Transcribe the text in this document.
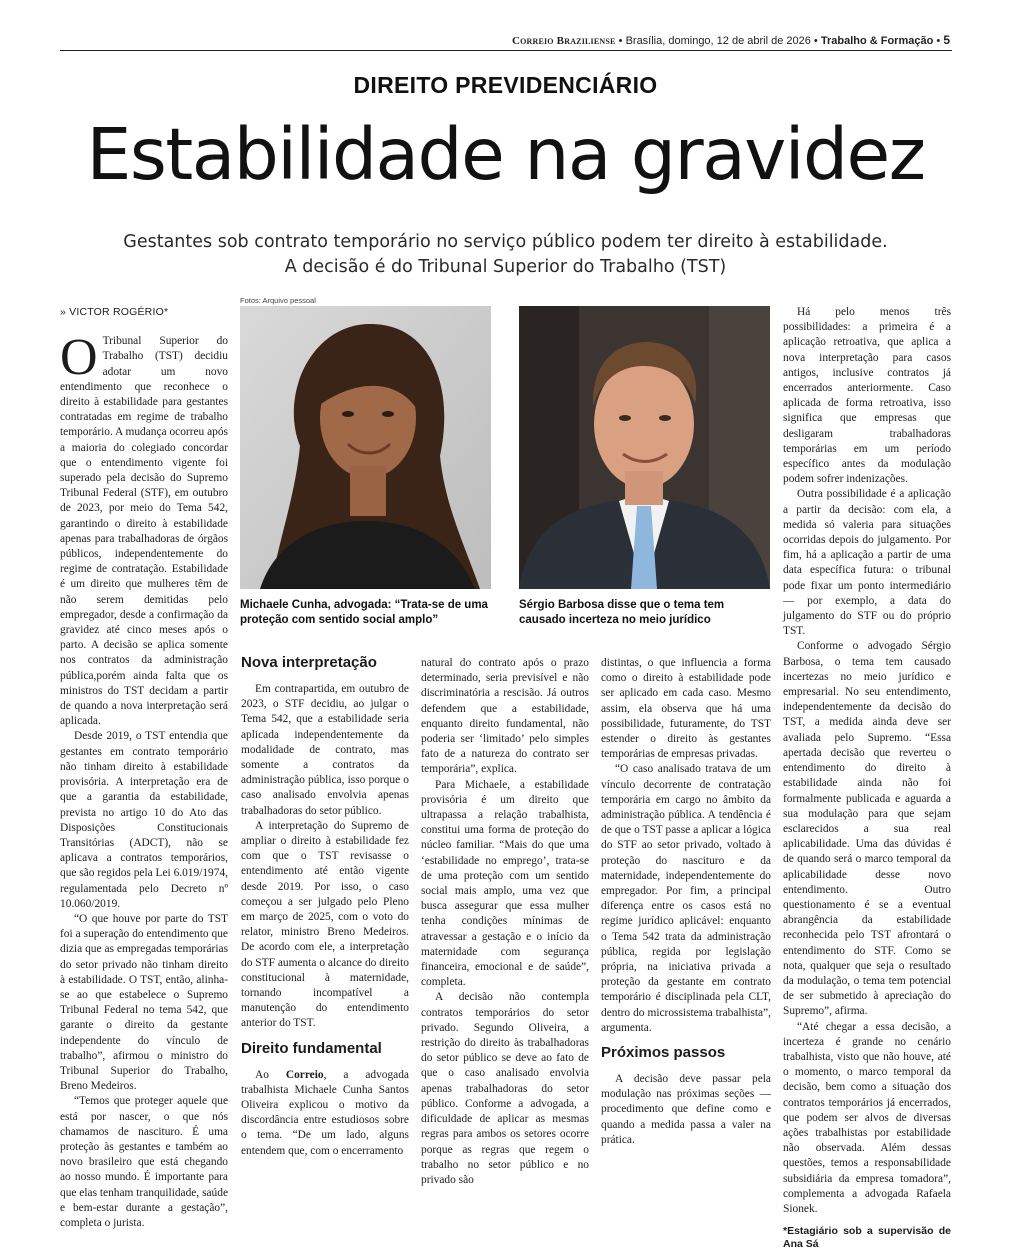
Correio Braziliense • Brasília, domingo, 12 de abril de 2026 • Trabalho & Formação • 5
DIREITO PREVIDENCIÁRIO
Estabilidade na gravidez
Gestantes sob contrato temporário no serviço público podem ter direito à estabilidade.
A decisão é do Tribunal Superior do Trabalho (TST)
» VICTOR ROGÉRIO*

O Tribunal Superior do Trabalho (TST) decidiu adotar um novo entendimento que reconhece o direito à estabilidade para gestantes contratadas em regime de trabalho temporário. A mudança ocorreu após a maioria do colegiado concordar que o entendimento vigente foi superado pela decisão do Supremo Tribunal Federal (STF), em outubro de 2023, por meio do Tema 542, garantindo o direito à estabilidade apenas para trabalhadoras de órgãos públicos, independentemente do regime de contratação. Estabilidade é um direito que mulheres têm de não serem demitidas pelo empregador, desde a confirmação da gravidez até cinco meses após o parto. A decisão se aplica somente nos contratos da administração pública,porém ainda falta que os ministros do TST decidam a partir de quando a nova interpretação será aplicada.

Desde 2019, o TST entendia que gestantes em contrato temporário não tinham direito à estabilidade provisória. A interpretação era de que a garantia da estabilidade, prevista no artigo 10 do Ato das Disposições Constitucionais Transitórias (ADCT), não se aplicava a contratos temporários, que são regidos pela Lei 6.019/1974, regulamentada pelo Decreto nº 10.060/2019.

“O que houve por parte do TST foi a superação do entendimento que dizia que as empregadas temporárias do setor privado não tinham direito à estabilidade. O TST, então, alinha-se ao que estabelece o Supremo Tribunal Federal no tema 542, que garante o direito da gestante independente do vínculo de trabalho”, afirmou o ministro do Tribunal Superior do Trabalho, Breno Medeiros.

“Temos que proteger aquele que está por nascer, o que nós chamamos de nascituro. É uma proteção às gestantes e também ao novo brasileiro que está chegando ao nosso mundo. É importante para que elas tenham tranquilidade, saúde e bem-estar durante a gestação”, completa o jurista.

Fotos: Arquivo pessoal
Michaele Cunha, advogada: “Trata-se de uma proteção com sentido social amplo”
Sérgio Barbosa disse que o tema tem causado incerteza no meio jurídico
Nova interpretação

Em contrapartida, em outubro de 2023, o STF decidiu, ao julgar o Tema 542, que a estabilidade seria aplicada independentemente da modalidade de contrato, mas somente a contratos da administração pública, isso porque o caso analisado envolvia apenas trabalhadoras do setor público.

A interpretação do Supremo de ampliar o direito à estabilidade fez com que o TST revisasse o entendimento até então vigente desde 2019. Por isso, o caso começou a ser julgado pelo Pleno em março de 2025, com o voto do relator, ministro Breno Medeiros. De acordo com ele, a interpretação do STF aumenta o alcance do direito constitucional à maternidade, tornando incompatível a manutenção do entendimento anterior do TST.

Direito fundamental

Ao Correio, a advogada trabalhista Michaele Cunha Santos Oliveira explicou o motivo da discordância entre estudiosos sobre o tema. “De um lado, alguns entendem que, com o encerramento

natural do contrato após o prazo determinado, seria previsível e não discriminatória a rescisão. Já outros defendem que a estabilidade, enquanto direito fundamental, não poderia ser ‘limitado’ pelo simples fato de a natureza do contrato ser temporária”, explica.

Para Michaele, a estabilidade provisória é um direito que ultrapassa a relação trabalhista, constitui uma forma de proteção do núcleo familiar. “Mais do que uma ‘estabilidade no emprego’, trata-se de uma proteção com um sentido social mais amplo, uma vez que busca assegurar que essa mulher tenha condições mínimas de atravessar a gestação e o início da maternidade com segurança financeira, emocional e de saúde”, completa.

A decisão não contempla contratos temporários do setor privado. Segundo Oliveira, a restrição do direito às trabalhadoras do setor público se deve ao fato de que o caso analisado envolvia apenas trabalhadoras do setor público. Conforme a advogada, a dificuldade de aplicar as mesmas regras para ambos os setores ocorre porque as regras que regem o trabalho no setor público e no privado são

distintas, o que influencia a forma como o direito à estabilidade pode ser aplicado em cada caso. Mesmo assim, ela observa que há uma possibilidade, futuramente, do TST estender o direito às gestantes temporárias de empresas privadas.

“O caso analisado tratava de um vínculo decorrente de contratação temporária em cargo no âmbito da administração pública. A tendência é de que o TST passe a aplicar a lógica do STF ao setor privado, voltado à proteção do nascituro e da maternidade, independentemente do empregador. Por fim, a principal diferença entre os casos está no regime jurídico aplicável: enquanto o Tema 542 trata da administração pública, regida por legislação própria, na iniciativa privada a proteção da gestante em contrato temporário é disciplinada pela CLT, dentro do microssistema trabalhista”, argumenta.

Próximos passos

A decisão deve passar pela modulação nas próximas seções — procedimento que define como e quando a medida passa a valer na prática.

Há pelo menos três possibilidades: a primeira é a aplicação retroativa, que aplica a nova interpretação para casos antigos, inclusive contratos já encerrados anteriormente. Caso aplicada de forma retroativa, isso significa que empresas que desligaram trabalhadoras temporárias em um período específico antes da modulação podem sofrer indenizações.

Outra possibilidade é a aplicação a partir da decisão: com ela, a medida só valeria para situações ocorridas depois do julgamento. Por fim, há a aplicação a partir de uma data específica futura: o tribunal pode fixar um ponto intermediário — por exemplo, a data do julgamento do STF ou do próprio TST.

Conforme o advogado Sérgio Barbosa, o tema tem causado incertezas no meio jurídico e empresarial. No seu entendimento, independentemente da decisão do TST, a medida ainda deve ser avaliada pelo Supremo. “Essa apertada decisão que reverteu o entendimento do direito à estabilidade ainda não foi formalmente publicada e aguarda a sua modulação para que sejam esclarecidos a sua real aplicabilidade. Uma das dúvidas é de quando será o marco temporal da aplicabilidade desse novo entendimento. Outro questionamento é se a eventual abrangência da estabilidade reconhecida pelo TST afrontará o entendimento do STF. Como se nota, qualquer que seja o resultado da modulação, o tema tem potencial de ser submetido à apreciação do Supremo”, afirma.

“Até chegar a essa decisão, a incerteza é grande no cenário trabalhista, visto que não houve, até o momento, o marco temporal da decisão, bem como a situação dos contratos temporários já encerrados, que podem ser alvos de diversas ações trabalhistas por estabilidade não observada. Além dessas questões, temos a responsabilidade subsidiária da empresa tomadora”, complementa a advogada Rafaela Sionek.

*Estagiário sob a supervisão de Ana Sá
